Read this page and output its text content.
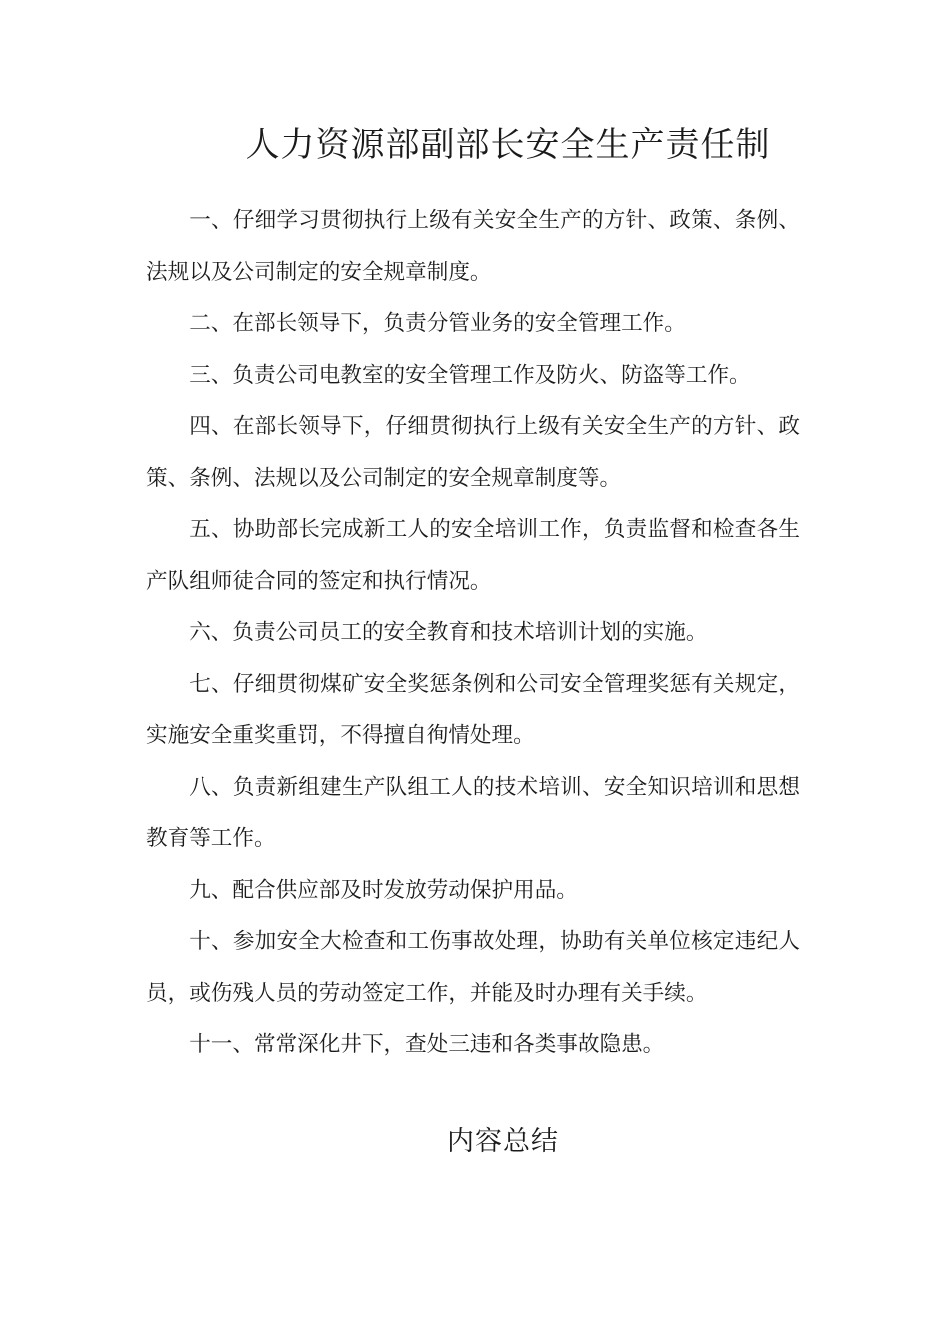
人力资源部副部长安全生产责任制

一、仔细学习贯彻执行上级有关安全生产的方针、政策、条例、法规以及公司制定的安全规章制度。

二、在部长领导下，负责分管业务的安全管理工作。

三、负责公司电教室的安全管理工作及防火、防盗等工作。

四、在部长领导下，仔细贯彻执行上级有关安全生产的方针、政策、条例、法规以及公司制定的安全规章制度等。

五、协助部长完成新工人的安全培训工作，负责监督和检查各生产队组师徒合同的签定和执行情况。

六、负责公司员工的安全教育和技术培训计划的实施。

七、仔细贯彻煤矿安全奖惩条例和公司安全管理奖惩有关规定，实施安全重奖重罚，不得擅自徇情处理。

八、负责新组建生产队组工人的技术培训、安全知识培训和思想教育等工作。

九、配合供应部及时发放劳动保护用品。

十、参加安全大检查和工伤事故处理，协助有关单位核定违纪人员，或伤残人员的劳动签定工作，并能及时办理有关手续。

十一、常常深化井下，查处三违和各类事故隐患。

内容总结
